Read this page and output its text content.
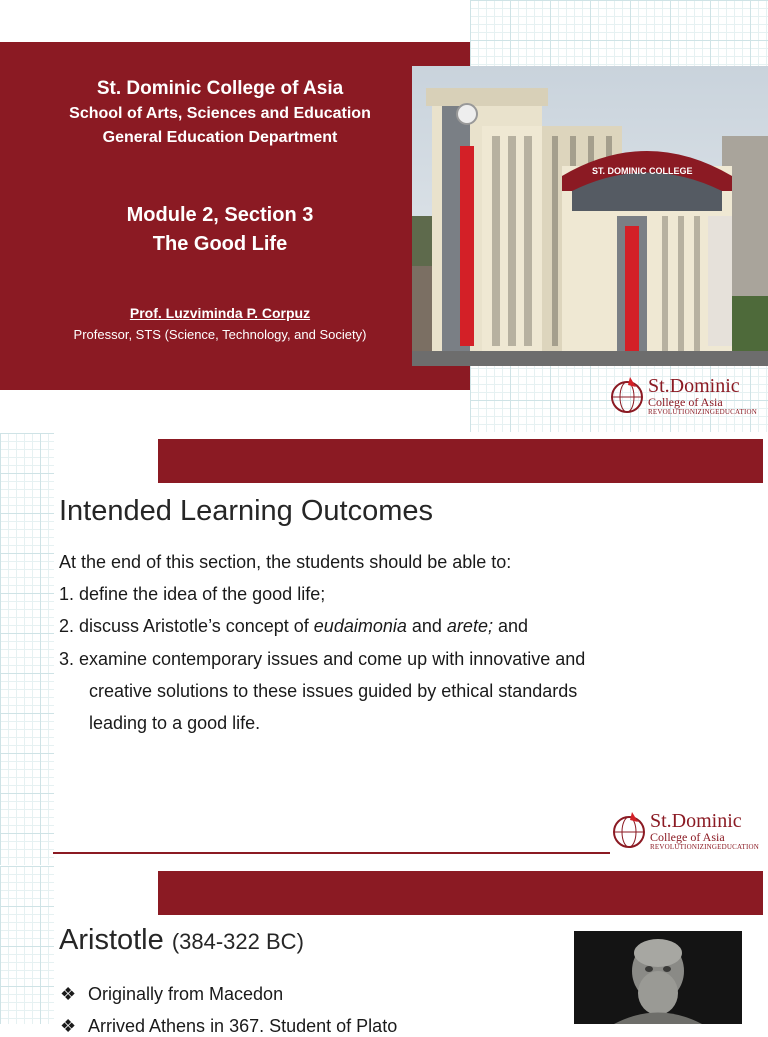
St. Dominic College of Asia
School of Arts, Sciences and Education
General Education Department
Module 2, Section 3
The Good Life
Prof. Luzviminda P. Corpuz
Professor, STS (Science, Technology, and Society)
ST. DOMINIC COLLEGE
St.Dominic
College of Asia
REVOLUTIONIZINGEDUCATION
Intended Learning Outcomes
At the end of this section, the students should be able to:
1. define the idea of the good life;
2. discuss Aristotle’s concept of eudaimonia and arete; and
3. examine contemporary issues and come up with innovative and
creative solutions to these issues guided by ethical standards
leading to a good life.
St.Dominic
College of Asia
REVOLUTIONIZINGEDUCATION
Aristotle (384-322 BC)
❖ Originally from Macedon
❖ Arrived Athens in 367. Student of Plato
